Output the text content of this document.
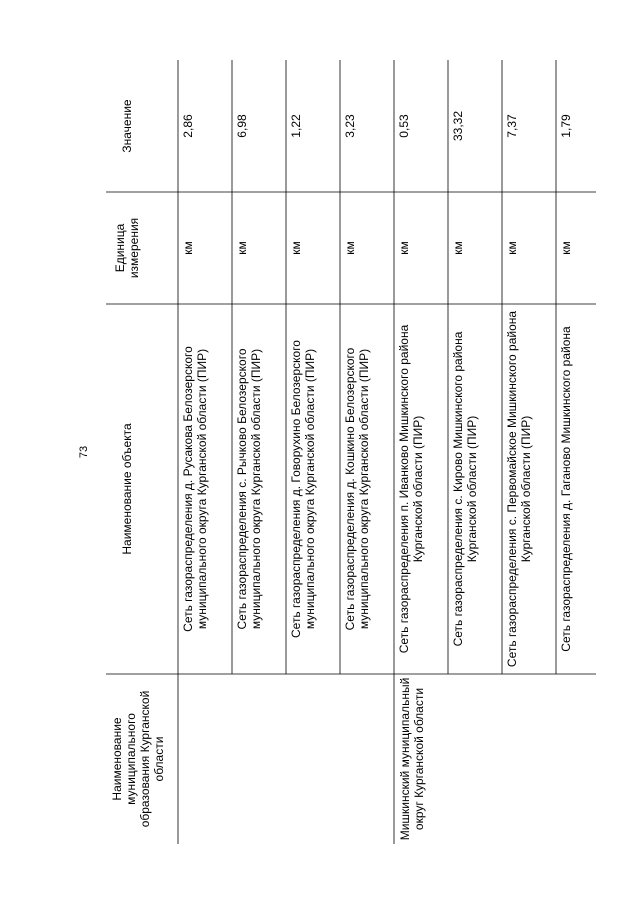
73
Наименование муниципального образования Курганской области
Наименование объекта
Единица измерения
Значение
Мишкинский муниципальный округ Курганской области
Сеть газораспределения д. Русакова Белозерского муниципального округа Курганской области (ПИР)
км
2,86
Сеть газораспределения с. Рычково Белозерского муниципального округа Курганской области (ПИР)
км
6,98
Сеть газораспределения д. Говорухино Белозерского муниципального округа Курганской области (ПИР)
км
1,22
Сеть газораспределения д. Кошкино Белозерского муниципального округа Курганской области (ПИР)
км
3,23
Сеть газораспределения п. Иванково Мишкинского района Курганской области (ПИР)
км
0,53
Сеть газораспределения с. Кирово Мишкинского района Курганской области (ПИР)
км
33,32
Сеть газораспределения с. Первомайское Мишкинского района Курганской области (ПИР)
км
7,37
Сеть газораспределения д. Гаганово Мишкинского района
км
1,79
